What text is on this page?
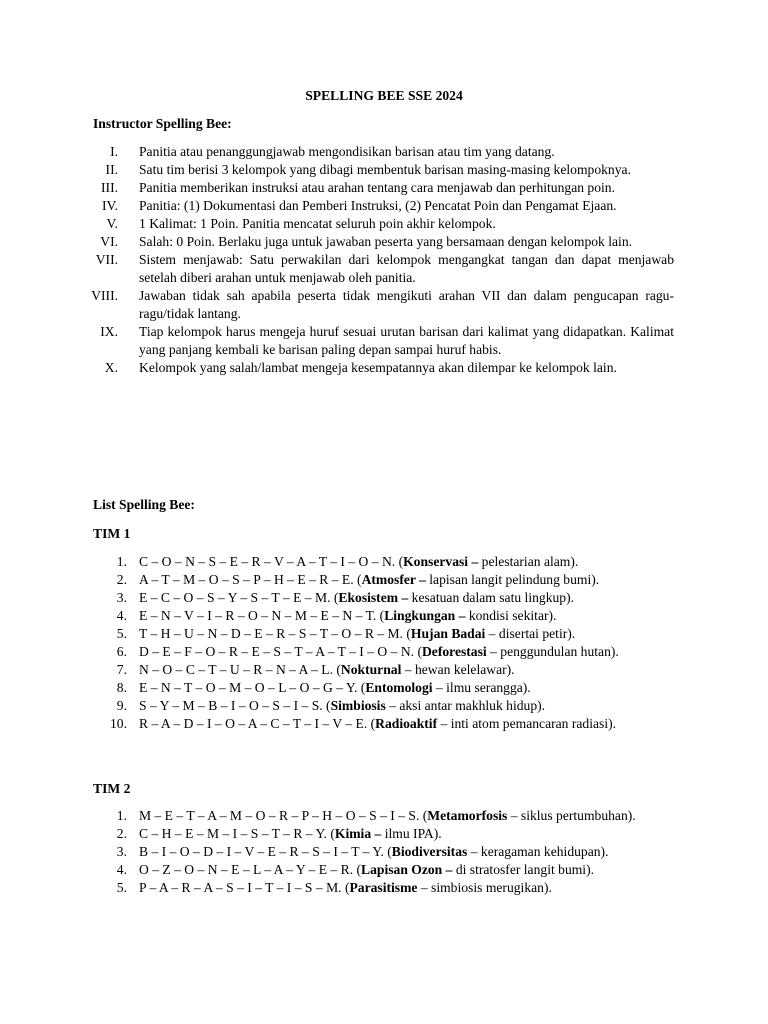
SPELLING BEE SSE 2024
Instructor Spelling Bee:
I. Panitia atau penanggungjawab mengondisikan barisan atau tim yang datang.
II. Satu tim berisi 3 kelompok yang dibagi membentuk barisan masing-masing kelompoknya.
III. Panitia memberikan instruksi atau arahan tentang cara menjawab dan perhitungan poin.
IV. Panitia: (1) Dokumentasi dan Pemberi Instruksi, (2) Pencatat Poin dan Pengamat Ejaan.
V. 1 Kalimat: 1 Poin. Panitia mencatat seluruh poin akhir kelompok.
VI. Salah: 0 Poin. Berlaku juga untuk jawaban peserta yang bersamaan dengan kelompok lain.
VII. Sistem menjawab: Satu perwakilan dari kelompok mengangkat tangan dan dapat menjawab setelah diberi arahan untuk menjawab oleh panitia.
VIII. Jawaban tidak sah apabila peserta tidak mengikuti arahan VII dan dalam pengucapan ragu-ragu/tidak lantang.
IX. Tiap kelompok harus mengeja huruf sesuai urutan barisan dari kalimat yang didapatkan. Kalimat yang panjang kembali ke barisan paling depan sampai huruf habis.
X. Kelompok yang salah/lambat mengeja kesempatannya akan dilempar ke kelompok lain.
List Spelling Bee:
TIM 1
1. C – O – N – S – E – R – V – A – T – I – O – N. (Konservasi – pelestarian alam).
2. A – T – M – O – S – P – H – E – R – E. (Atmosfer – lapisan langit pelindung bumi).
3. E – C – O – S – Y – S – T – E – M. (Ekosistem – kesatuan dalam satu lingkup).
4. E – N – V – I – R – O – N – M – E – N – T. (Lingkungan – kondisi sekitar).
5. T – H – U – N – D – E – R – S – T – O – R – M. (Hujan Badai – disertai petir).
6. D – E – F – O – R – E – S – T – A – T – I – O – N. (Deforestasi – penggundulan hutan).
7. N – O – C – T – U – R – N – A – L. (Nokturnal – hewan kelelawar).
8. E – N – T – O – M – O – L – O – G – Y. (Entomologi – ilmu serangga).
9. S – Y – M – B – I – O – S – I – S. (Simbiosis – aksi antar makhluk hidup).
10. R – A – D – I – O – A – C – T – I – V – E. (Radioaktif – inti atom pemancaran radiasi).
TIM 2
1. M – E – T – A – M – O – R – P – H – O – S – I – S. (Metamorfosis – siklus pertumbuhan).
2. C – H – E – M – I – S – T – R – Y. (Kimia – ilmu IPA).
3. B – I – O – D – I – V – E – R – S – I – T – Y. (Biodiversitas – keragaman kehidupan).
4. O – Z – O – N – E – L – A – Y – E – R. (Lapisan Ozon – di stratosfer langit bumi).
5. P – A – R – A – S – I – T – I – S – M. (Parasitisme – simbiosis merugikan).
